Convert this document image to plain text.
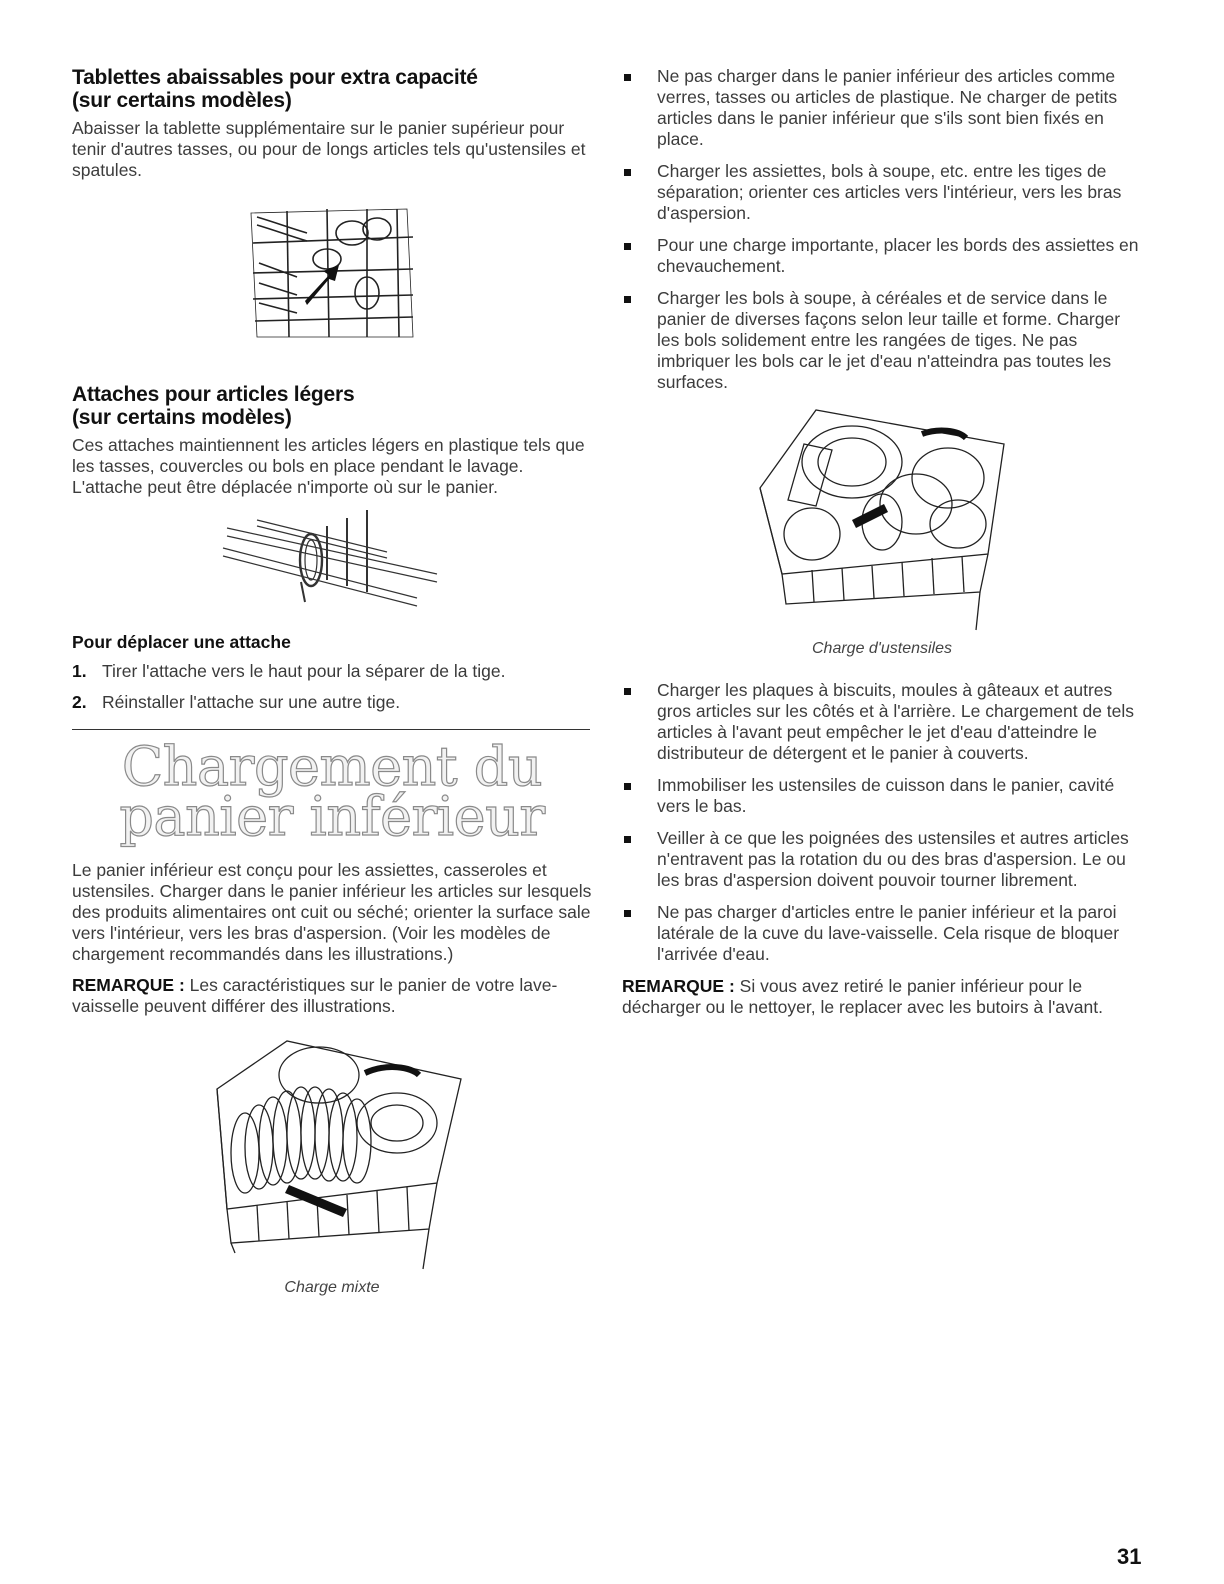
Tablettes abaissables pour extra capacité
(sur certains modèles)

Abaisser la tablette supplémentaire sur le panier supérieur pour tenir d'autres tasses, ou pour de longs articles tels qu'ustensiles et spatules.

Attaches pour articles légers
(sur certains modèles)

Ces attaches maintiennent les articles légers en plastique tels que les tasses, couvercles ou bols en place pendant le lavage. L'attache peut être déplacée n'importe où sur le panier.

Pour déplacer une attache
1. Tirer l'attache vers le haut pour la séparer de la tige.
2. Réinstaller l'attache sur une autre tige.
Chargement du
panier inférieur

Le panier inférieur est conçu pour les assiettes, casseroles et ustensiles. Charger dans le panier inférieur les articles sur lesquels des produits alimentaires ont cuit ou séché; orienter la surface sale vers l'intérieur, vers les bras d'aspersion. (Voir les modèles de chargement recommandés dans les illustrations.)

REMARQUE : Les caractéristiques sur le panier de votre lave-vaisselle peuvent différer des illustrations.

Charge mixte
Ne pas charger dans le panier inférieur des articles comme verres, tasses ou articles de plastique. Ne charger de petits articles dans le panier inférieur que s'ils sont bien fixés en place.
Charger les assiettes, bols à soupe, etc. entre les tiges de séparation; orienter ces articles vers l'intérieur, vers les bras d'aspersion.
Pour une charge importante, placer les bords des assiettes en chevauchement.
Charger les bols à soupe, à céréales et de service dans le panier de diverses façons selon leur taille et forme. Charger les bols solidement entre les rangées de tiges. Ne pas imbriquer les bols car le jet d'eau n'atteindra pas toutes les surfaces.
Charge d'ustensiles
Charger les plaques à biscuits, moules à gâteaux et autres gros articles sur les côtés et à l'arrière. Le chargement de tels articles à l'avant peut empêcher le jet d'eau d'atteindre le distributeur de détergent et le panier à couverts.
Immobiliser les ustensiles de cuisson dans le panier, cavité vers le bas.
Veiller à ce que les poignées des ustensiles et autres articles n'entravent pas la rotation du ou des bras d'aspersion. Le ou les bras d'aspersion doivent pouvoir tourner librement.
Ne pas charger d'articles entre le panier inférieur et la paroi latérale de la cuve du lave-vaisselle. Cela risque de bloquer l'arrivée d'eau.

REMARQUE : Si vous avez retiré le panier inférieur pour le décharger ou le nettoyer, le replacer avec les butoirs à l'avant.

31
